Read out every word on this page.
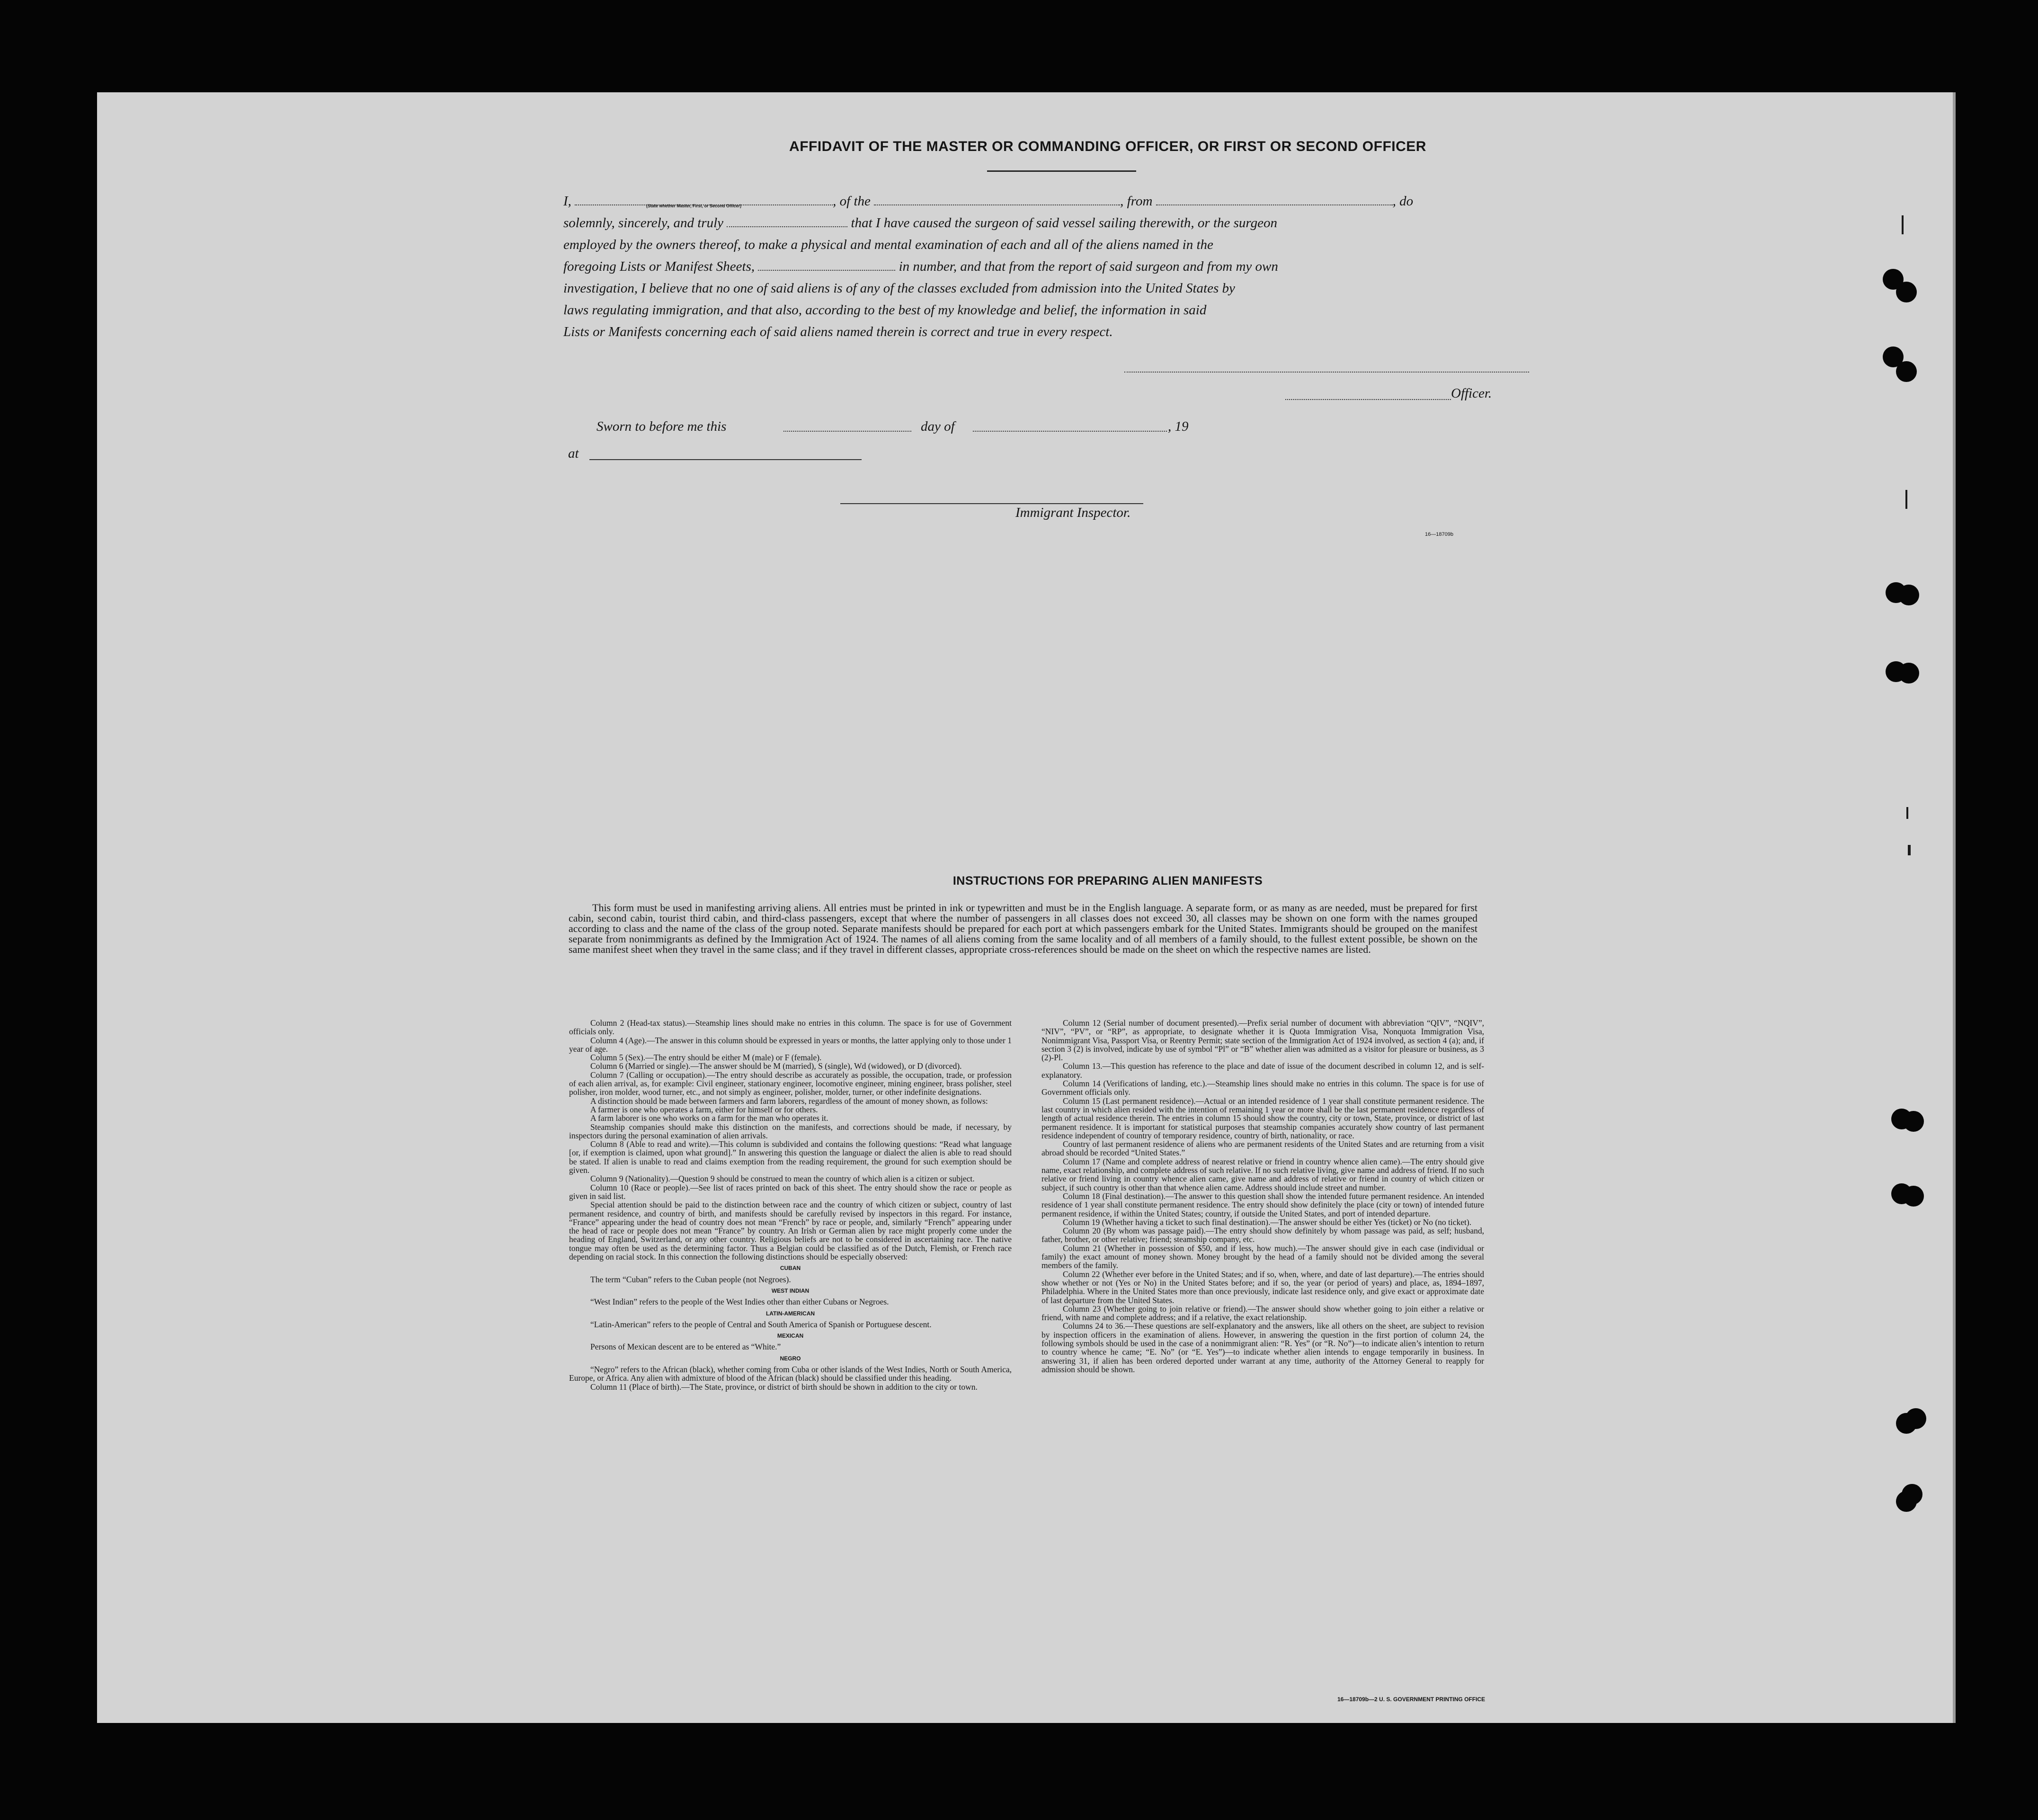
AFFIDAVIT OF THE MASTER OR COMMANDING OFFICER, OR FIRST OR SECOND OFFICER
I,	, of the	, from	, do
solemnly, sincerely, and truly	that I have caused the surgeon of said vessel sailing therewith, or the surgeon
employed by the owners thereof, to make a physical and mental examination of each and all of the aliens named in the
foregoing Lists or Manifest Sheets,	in number, and that from the report of said surgeon and from my own
investigation, I believe that no one of said aliens is of any of the classes excluded from admission into the United States by
laws regulating immigration, and that also, according to the best of my knowledge and belief, the information in said
Lists or Manifests concerning each of said aliens named therein is correct and true in every respect.
(State whether Master, First, or Second Officer)
Officer.
Sworn to before me this	day of	, 19
at
Immigrant Inspector.
16—18709b
INSTRUCTIONS FOR PREPARING ALIEN MANIFESTS
This form must be used in manifesting arriving aliens. All entries must be printed in ink or typewritten and must be in the English language. A separate form, or as many as are needed, must be prepared for first cabin, second cabin, tourist third cabin, and third-class passengers, except that where the number of passengers in all classes does not exceed 30, all classes may be shown on one form with the names grouped according to class and the name of the class of the group noted. Separate manifests should be prepared for each port at which passengers embark for the United States. Immigrants should be grouped on the manifest separate from nonimmigrants as defined by the Immigration Act of 1924. The names of all aliens coming from the same locality and of all members of a family should, to the fullest extent possible, be shown on the same manifest sheet when they travel in the same class; and if they travel in different classes, appropriate cross-references should be made on the sheet on which the respective names are listed.

Column 2 (Head-tax status).—Steamship lines should make no entries in this column. The space is for use of Government officials only.

Column 4 (Age).—The answer in this column should be expressed in years or months, the latter applying only to those under 1 year of age.

Column 5 (Sex).—The entry should be either M (male) or F (female).

Column 6 (Married or single).—The answer should be M (married), S (single), Wd (widowed), or D (divorced).

Column 7 (Calling or occupation).—The entry should describe as accurately as possible, the occupation, trade, or profession of each alien arrival, as, for example: Civil engineer, stationary engineer, locomotive engineer, mining engineer, brass polisher, steel polisher, iron molder, wood turner, etc., and not simply as engineer, polisher, molder, turner, or other indefinite designations.

A distinction should be made between farmers and farm laborers, regardless of the amount of money shown, as follows:

A farmer is one who operates a farm, either for himself or for others.

A farm laborer is one who works on a farm for the man who operates it.

Steamship companies should make this distinction on the manifests, and corrections should be made, if necessary, by inspectors during the personal examination of alien arrivals.

Column 8 (Able to read and write).—This column is subdivided and contains the following questions: “Read what language [or, if exemption is claimed, upon what ground].” In answering this question the language or dialect the alien is able to read should be stated. If alien is unable to read and claims exemption from the reading requirement, the ground for such exemption should be given.

Column 9 (Nationality).—Question 9 should be construed to mean the country of which alien is a citizen or subject.

Column 10 (Race or people).—See list of races printed on back of this sheet. The entry should show the race or people as given in said list.

Special attention should be paid to the distinction between race and the country of which citizen or subject, country of last permanent residence, and country of birth, and manifests should be carefully revised by inspectors in this regard. For instance, “France” appearing under the head of country does not mean “French” by race or people, and, similarly “French” appearing under the head of race or people does not mean “France” by country. An Irish or German alien by race might properly come under the heading of England, Switzerland, or any other country. Religious beliefs are not to be considered in ascertaining race. The native tongue may often be used as the determining factor. Thus a Belgian could be classified as of the Dutch, Flemish, or French race depending on racial stock. In this connection the following distinctions should be especially observed:

CUBAN

The term “Cuban” refers to the Cuban people (not Negroes).

WEST INDIAN

“West Indian” refers to the people of the West Indies other than either Cubans or Negroes.

LATIN-AMERICAN

“Latin-American” refers to the people of Central and South America of Spanish or Portuguese descent.

MEXICAN

Persons of Mexican descent are to be entered as “White.”

NEGRO

“Negro” refers to the African (black), whether coming from Cuba or other islands of the West Indies, North or South America, Europe, or Africa. Any alien with admixture of blood of the African (black) should be classified under this heading.

Column 11 (Place of birth).—The State, province, or district of birth should be shown in addition to the city or town.

Column 12 (Serial number of document presented).—Prefix serial number of document with abbreviation “QIV”, “NQIV”, “NIV”, “PV”, or “RP”, as appropriate, to designate whether it is Quota Immigration Visa, Nonquota Immigration Visa, Nonimmigrant Visa, Passport Visa, or Reentry Permit; state section of the Immigration Act of 1924 involved, as section 4 (a); and, if section 3 (2) is involved, indicate by use of symbol “Pl” or “B” whether alien was admitted as a visitor for pleasure or business, as 3 (2)-Pl.

Column 13.—This question has reference to the place and date of issue of the document described in column 12, and is self-explanatory.

Column 14 (Verifications of landing, etc.).—Steamship lines should make no entries in this column. The space is for use of Government officials only.

Column 15 (Last permanent residence).—Actual or an intended residence of 1 year shall constitute permanent residence. The last country in which alien resided with the intention of remaining 1 year or more shall be the last permanent residence regardless of length of actual residence therein. The entries in column 15 should show the country, city or town, State, province, or district of last permanent residence. It is important for statistical purposes that steamship companies accurately show country of last permanent residence independent of country of temporary residence, country of birth, nationality, or race.

Country of last permanent residence of aliens who are permanent residents of the United States and are returning from a visit abroad should be recorded “United States.”

Column 17 (Name and complete address of nearest relative or friend in country whence alien came).—The entry should give name, exact relationship, and complete address of such relative. If no such relative living, give name and address of friend. If no such relative or friend living in country whence alien came, give name and address of relative or friend in country of which citizen or subject, if such country is other than that whence alien came. Address should include street and number.

Column 18 (Final destination).—The answer to this question shall show the intended future permanent residence. An intended residence of 1 year shall constitute permanent residence. The entry should show definitely the place (city or town) of intended future permanent residence, if within the United States; country, if outside the United States, and port of intended departure.

Column 19 (Whether having a ticket to such final destination).—The answer should be either Yes (ticket) or No (no ticket).

Column 20 (By whom was passage paid).—The entry should show definitely by whom passage was paid, as self; husband, father, brother, or other relative; friend; steamship company, etc.

Column 21 (Whether in possession of $50, and if less, how much).—The answer should give in each case (individual or family) the exact amount of money shown. Money brought by the head of a family should not be divided among the several members of the family.

Column 22 (Whether ever before in the United States; and if so, when, where, and date of last departure).—The entries should show whether or not (Yes or No) in the United States before; and if so, the year (or period of years) and place, as, 1894–1897, Philadelphia. Where in the United States more than once previously, indicate last residence only, and give exact or approximate date of last departure from the United States.

Column 23 (Whether going to join relative or friend).—The answer should show whether going to join either a relative or friend, with name and complete address; and if a relative, the exact relationship.

Columns 24 to 36.—These questions are self-explanatory and the answers, like all others on the sheet, are subject to revision by inspection officers in the examination of aliens. However, in answering the question in the first portion of column 24, the following symbols should be used in the case of a nonimmigrant alien: “R. Yes” (or “R. No”)—to indicate alien’s intention to return to country whence he came; “E. No” (or “E. Yes”)—to indicate whether alien intends to engage temporarily in business. In answering 31, if alien has been ordered deported under warrant at any time, authority of the Attorney General to reapply for admission should be shown.

16—18709b—2 U. S. GOVERNMENT PRINTING OFFICE
